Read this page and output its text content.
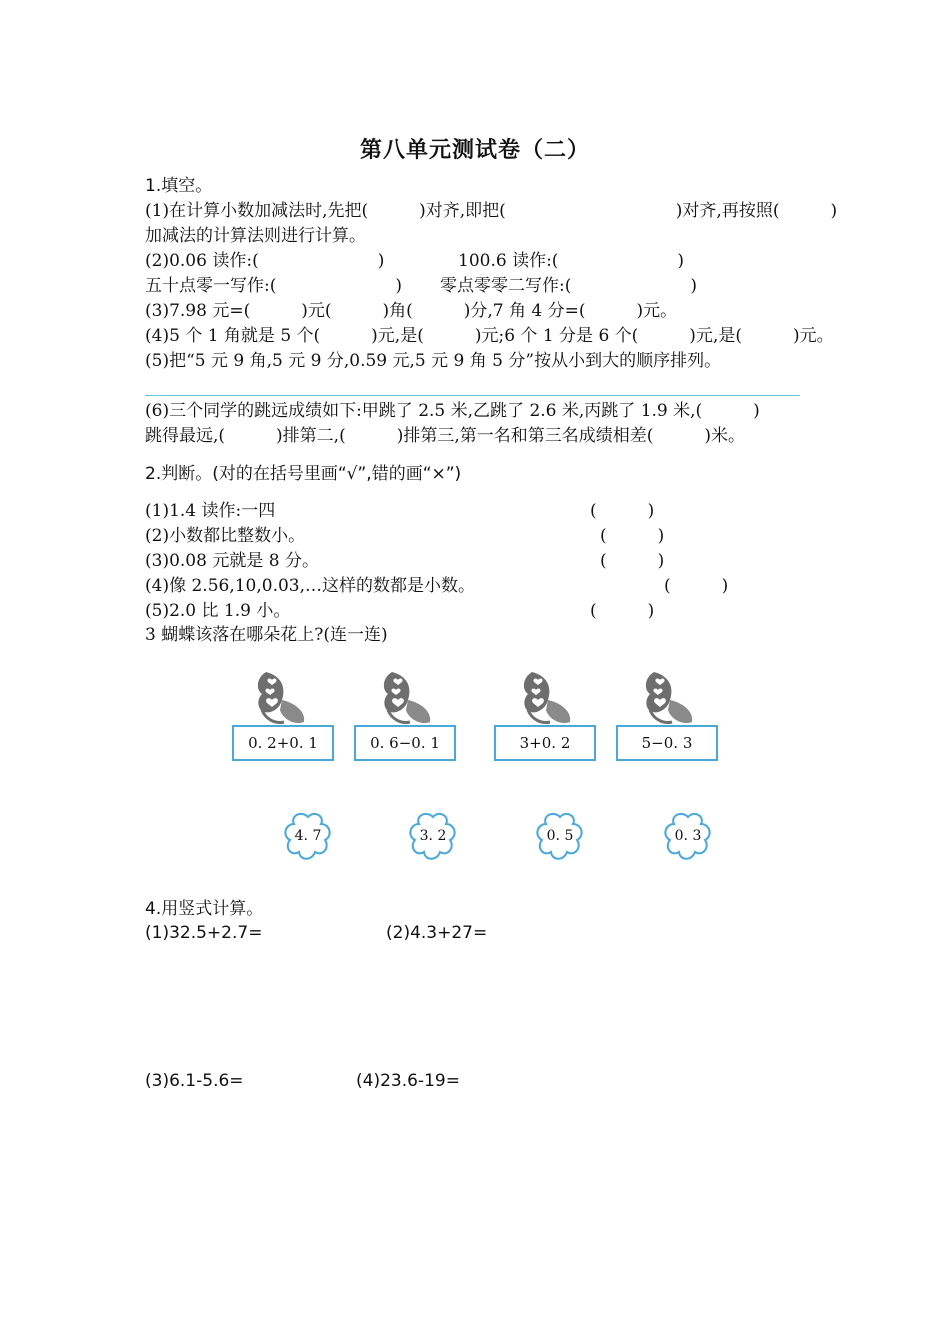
第八单元测试卷（二）
1.填空。
(1)在计算小数加减法时,先把(　　　)对齐,即把(　　　　　　　　　　)对齐,再按照(　　　)
加减法的计算法则进行计算。
(2)0.06 读作:(　　　　　　　)	100.6 读作:(　　　　　　　)
五十点零一写作:(　　　　　　　) 零点零零二写作:(　　　　　　　)
(3)7.98 元=(　　　)元(　　　)角(　　　)分,7 角 4 分=(　　　)元。
(4)5 个 1 角就是 5 个(　　　)元,是(　　　)元;6 个 1 分是 6 个(　　　)元,是(　　　)元。
(5)把“5 元 9 角,5 元 9 分,0.59 元,5 元 9 角 5 分”按从小到大的顺序排列。
(6)三个同学的跳远成绩如下:甲跳了 2.5 米,乙跳了 2.6 米,丙跳了 1.9 米,(　　　)
跳得最远,(　　　)排第二,(　　　)排第三,第一名和第三名成绩相差(　　　)米。
2.判断。(对的在括号里画“√”,错的画“×”)
(1)1.4 读作:一四	(　　　)
(2)小数都比整数小。	(　　　)
(3)0.08 元就是 8 分。	(　　　)
(4)像 2.56,10,0.03,…这样的数都是小数。	(　　　)
(5)2.0 比 1.9 小。	(　　　)
3 蝴蝶该落在哪朵花上?(连一连)
0. 2+0. 1	0. 6−0. 1	3+0. 2	5−0. 3
4. 7	3. 2	0. 5	0. 3
4.用竖式计算。
(1)32.5+2.7=	(2)4.3+27=
(3)6.1-5.6=	(4)23.6-19=
